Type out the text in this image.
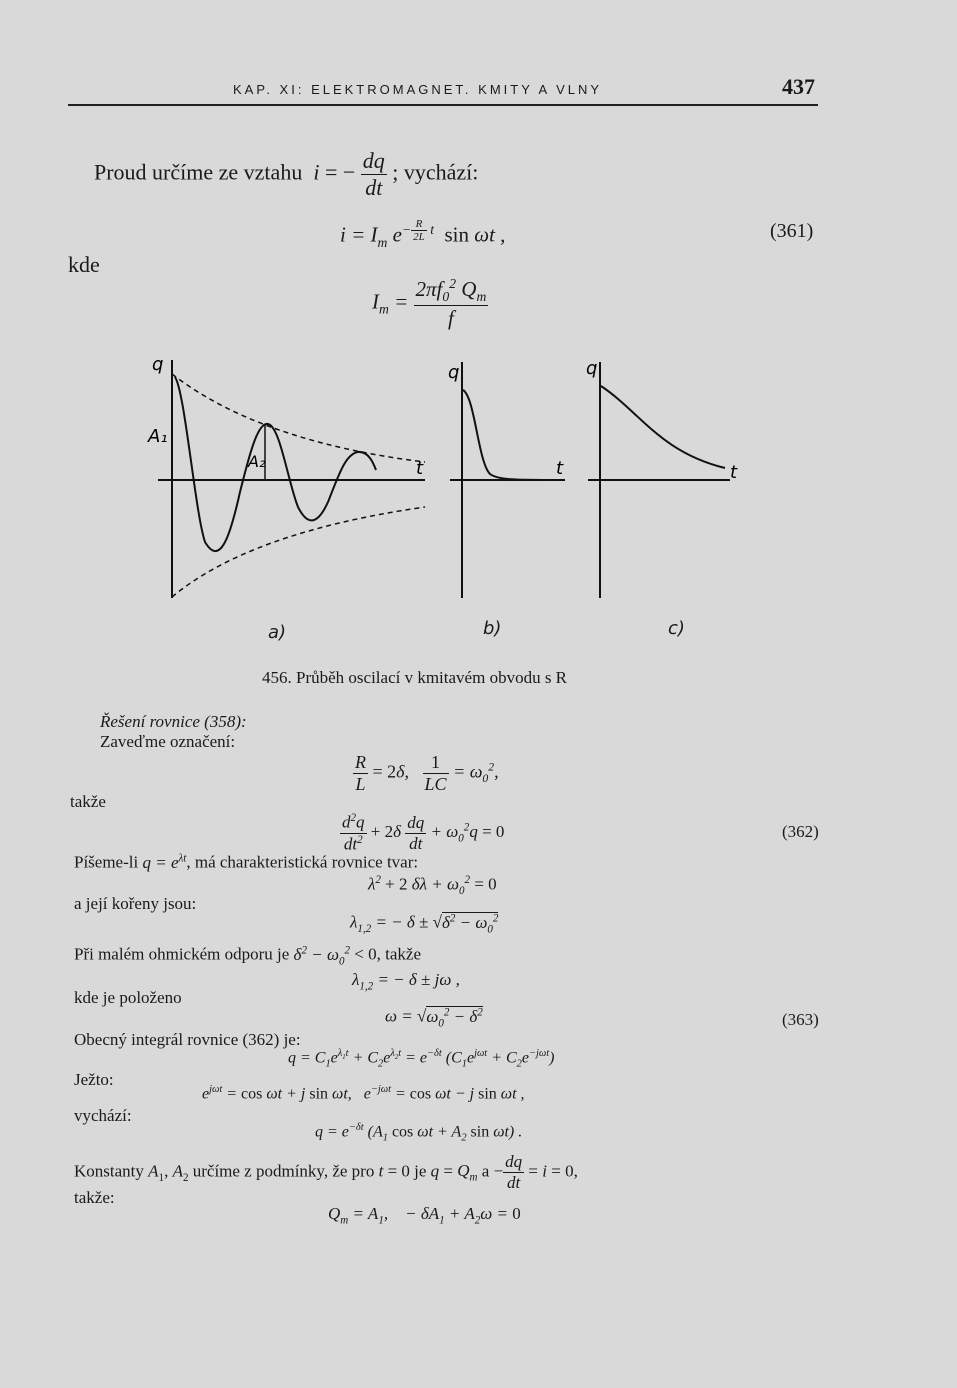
KAP. XI: ELEKTROMAGNET. KMITY A VLNY	437
Proud určíme ze vztahu  i = − $\frac{dq}{dt}$ ; vychází:
$i = I_m$ $e^{- \frac{R}{2L} t}$ sin ωt ,	(361)
kde
$I_m = \frac{2\pi f_0^2 Q_m}{f}$
q
A₁
A₂	t
q
t
q
t
a)	b)	c)
456. Průběh oscilací v kmitavém obvodu s R
Řešení rovnice (358):
Zaveďme označení:
$\frac{R}{L} = 2\delta$, $\frac{1}{LC} = \omega_0^2$,
takže
$\frac{d^2q}{dt^2} + 2\delta \frac{dq}{dt} + \omega_0^2q = 0$	(362)
Píšeme-li $q = e^{\lambda t}$, má charakteristická rovnice tvar:
$\lambda^2 + 2$ $\delta\lambda + \omega_0^2 = 0$
a její kořeny jsou:
$\lambda_{1,2}$ = − $\delta \pm √\delta^2 - \omega_0^2$
Při malém ohmickém odporu je $\delta^2 - \omega_0^2 < 0$, takže
$\lambda_{1,2}$ = − δ ± jω ,
kde je položeno
$\omega = √\omega_0^2 - \delta^2$	(363)
Obecný integrál rovnice (362) je:
$q = C_1e^{\lambda_1t} + C_2e^{\lambda_2t} = e^{-\delta t}$ $(C_1e^{j\omega t} + C_2e^{-j\omega t})$
Ježto:
$e^{j\omega t} = \cos \omega t + j$ sin ωt,   $e^{-j\omega t} = \cos \omega t - j$ sin ωt ,
vychází:
$q = e^{-\delta t}$ ($A_1$ $\cos \omega t + A_2$ sin ωt) .
Konstanty $A_1$, $A_2$ určíme z podmínky, že pro t = 0 je $q = Q_m$ $a - \frac{dq}{dt} = i = 0$,
takže:
$Q_m = A_1$,    − $\delta A_1 + A_2\omega = 0$
